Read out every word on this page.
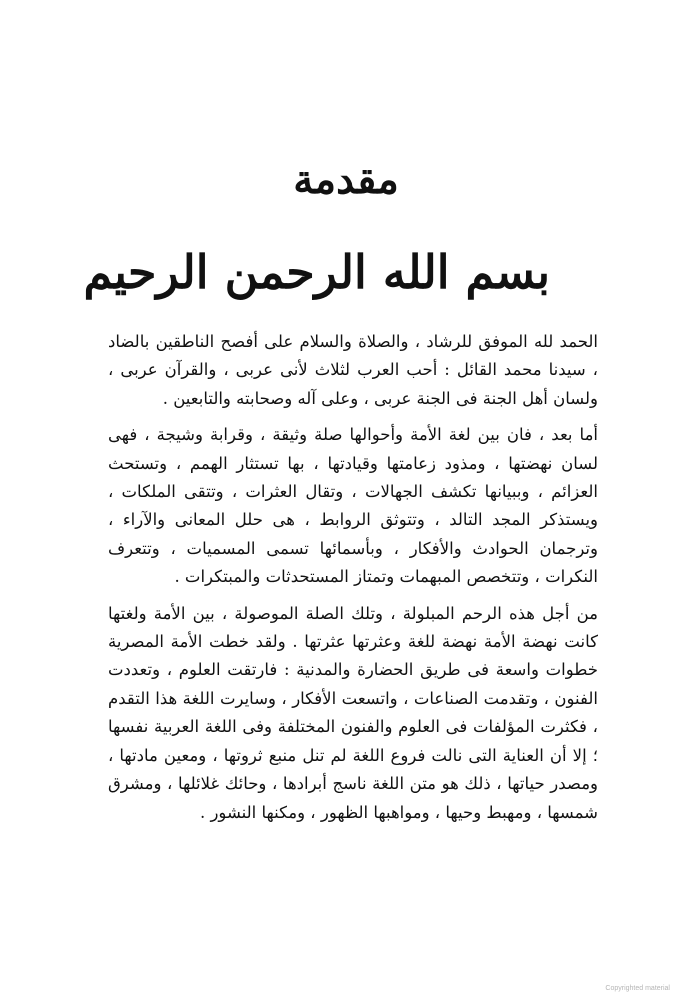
مقدمة
بسم الله الرحمن الرحيم

الحمد لله الموفق للرشاد ، والصلاة والسلام على أفصح الناطقين بالضاد ، سيدنا محمد القائل : أحب العرب لثلاث لأنى عربى ، والقرآن عربى ، ولسان أهل الجنة فى الجنة عربى ، وعلى آله وصحابته والتابعين .

أما بعد ، فان بين لغة الأمة وأحوالها صلة وثيقة ، وقرابة وشيجة ، فهى لسان نهضتها ، ومذود زعامتها وقيادتها ، بها تستثار الهمم ، وتستحث العزائم ، وببيانها تكشف الجهالات ، وتقال العثرات ، وتتقى الملكات ، ويستذكر المجد التالد ، وتتوثق الروابط ، هى حلل المعانى والآراء ، وترجمان الحوادث والأفكار ، وبأسمائها تسمى المسميات ، وتتعرف النكرات ، وتتخصص المبهمات وتمتاز المستحدثات والمبتكرات .

من أجل هذه الرحم المبلولة ، وتلك الصلة الموصولة ، بين الأمة ولغتها كانت نهضة الأمة نهضة للغة وعثرتها عثرتها . ولقد خطت الأمة المصرية خطوات واسعة فى طريق الحضارة والمدنية : فارتقت العلوم ، وتعددت الفنون ، وتقدمت الصناعات ، واتسعت الأفكار ، وسايرت اللغة هذا التقدم ، فكثرت المؤلفات فى العلوم والفنون المختلفة وفى اللغة العربية نفسها ؛ إلا أن العناية التى نالت فروع اللغة لم تنل منبع ثروتها ، ومعين مادتها ، ومصدر حياتها ، ذلك هو متن اللغة ناسج أبرادها ، وحائك غلائلها ، ومشرق شمسها ، ومهبط وحيها ، ومواهبها الظهور ، ومكنها النشور .

Copyrighted material
